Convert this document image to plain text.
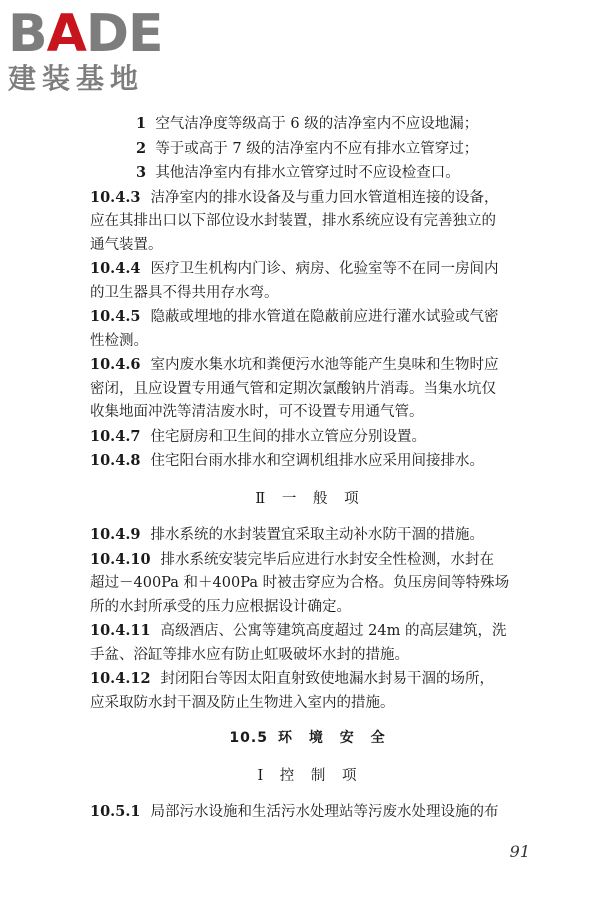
BADE
建装基地
1 空气洁净度等级高于 6 级的洁净室内不应设地漏；
2 等于或高于 7 级的洁净室内不应有排水立管穿过；
3 其他洁净室内有排水立管穿过时不应设检查口。
10.4.3 洁净室内的排水设备及与重力回水管道相连接的设备，
应在其排出口以下部位设水封装置，排水系统应设有完善独立的
通气装置。
10.4.4 医疗卫生机构内门诊、病房、化验室等不在同一房间内
的卫生器具不得共用存水弯。
10.4.5 隐蔽或埋地的排水管道在隐蔽前应进行灌水试验或气密
性检测。
10.4.6 室内废水集水坑和粪便污水池等能产生臭味和生物时应
密闭，且应设置专用通气管和定期次氯酸钠片消毒。当集水坑仅
收集地面冲洗等清洁废水时，可不设置专用通气管。
10.4.7 住宅厨房和卫生间的排水立管应分别设置。
10.4.8 住宅阳台雨水排水和空调机组排水应采用间接排水。
Ⅱ 一 般 项
10.4.9 排水系统的水封装置宜采取主动补水防干涸的措施。
10.4.10 排水系统安装完毕后应进行水封安全性检测，水封在
超过－400Pa 和＋400Pa 时被击穿应为合格。负压房间等特殊场
所的水封所承受的压力应根据设计确定。
10.4.11 高级酒店、公寓等建筑高度超过 24m 的高层建筑，洗
手盆、浴缸等排水应有防止虹吸破坏水封的措施。
10.4.12 封闭阳台等因太阳直射致使地漏水封易干涸的场所，
应采取防水封干涸及防止生物进入室内的措施。
10.5 环 境 安 全
Ⅰ 控 制 项
10.5.1 局部污水设施和生活污水处理站等污废水处理设施的布
91
